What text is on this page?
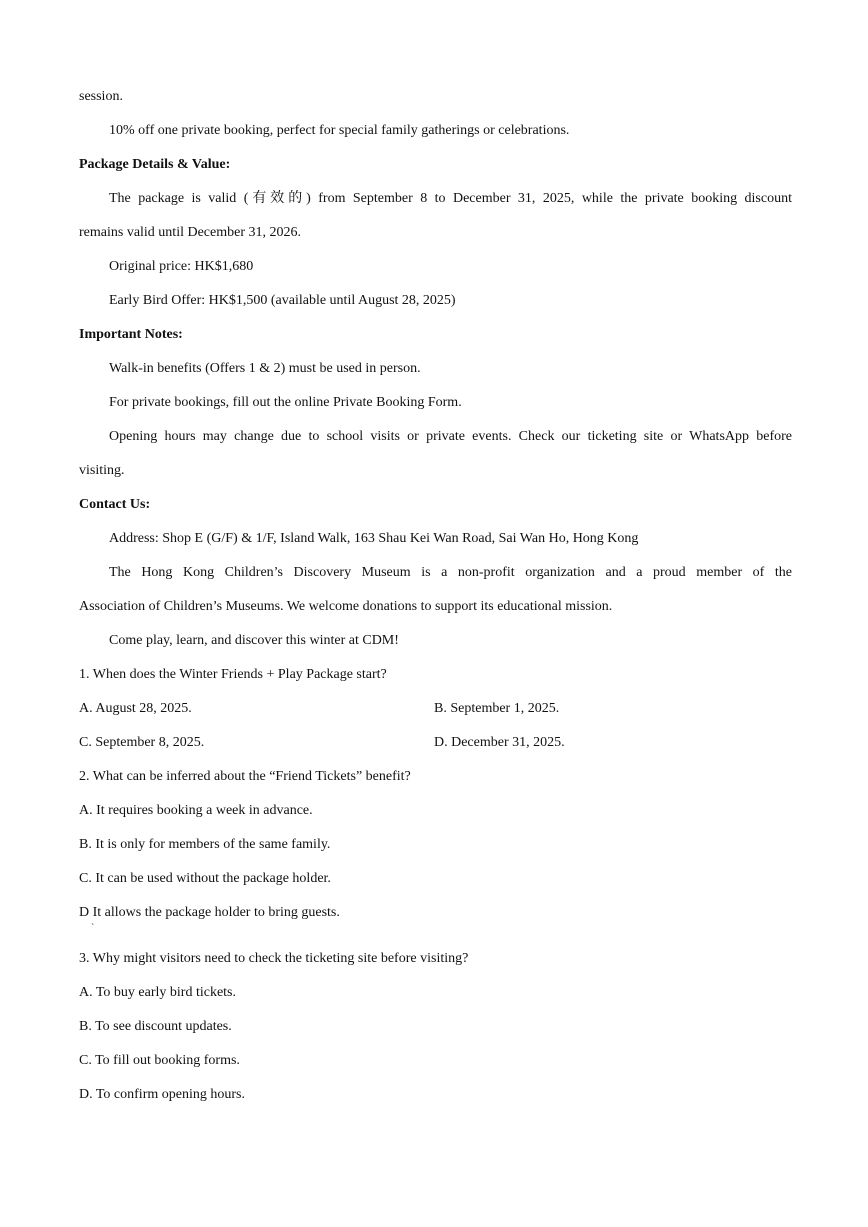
session.
10% off one private booking, perfect for special family gatherings or celebrations.
Package Details & Value:
The package is valid (有效的) from September 8 to December 31, 2025, while the private booking discount
remains valid until December 31, 2026.
Original price: HK$1,680
Early Bird Offer: HK$1,500 (available until August 28, 2025)
Important Notes:
Walk-in benefits (Offers 1 & 2) must be used in person.
For private bookings, fill out the online Private Booking Form.
Opening hours may change due to school visits or private events. Check our ticketing site or WhatsApp before
visiting.
Contact Us:
Address: Shop E (G/F) & 1/F, Island Walk, 163 Shau Kei Wan Road, Sai Wan Ho, Hong Kong
The Hong Kong Children’s Discovery Museum is a non-profit organization and a proud member of the
Association of Children’s Museums. We welcome donations to support its educational mission.
Come play, learn, and discover this winter at CDM!
1. When does the Winter Friends + Play Package start?
A. August 28, 2025.	B. September 1, 2025.
C. September 8, 2025.	D. December 31, 2025.
2. What can be inferred about the “Friend Tickets” benefit?
A. It requires booking a week in advance.
B. It is only for members of the same family.
C. It can be used without the package holder.
D It allows the package holder to bring guests.
`
3. Why might visitors need to check the ticketing site before visiting?
A. To buy early bird tickets.
B. To see discount updates.
C. To fill out booking forms.
D. To confirm opening hours.
